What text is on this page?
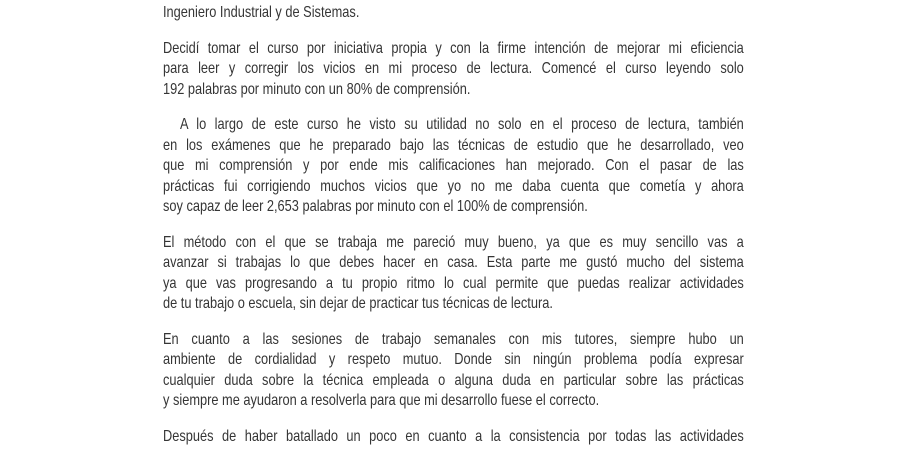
Ingeniero Industrial y de Sistemas.
Decidí tomar el curso por iniciativa propia y con la firme intención de mejorar mi eficiencia
para leer y corregir los vicios en mi proceso de lectura. Comencé el curso leyendo solo
192 palabras por minuto con un 80% de comprensión.
A lo largo de este curso he visto su utilidad no solo en el proceso de lectura, también
en los exámenes que he preparado bajo las técnicas de estudio que he desarrollado, veo
que mi comprensión y por ende mis calificaciones han mejorado. Con el pasar de las
prácticas fui corrigiendo muchos vicios que yo no me daba cuenta que cometía y ahora
soy capaz de leer 2,653 palabras por minuto con el 100% de comprensión.
El método con el que se trabaja me pareció muy bueno, ya que es muy sencillo vas a
avanzar si trabajas lo que debes hacer en casa. Esta parte me gustó mucho del sistema
ya que vas progresando a tu propio ritmo lo cual permite que puedas realizar actividades
de tu trabajo o escuela, sin dejar de practicar tus técnicas de lectura.
En cuanto a las sesiones de trabajo semanales con mis tutores, siempre hubo un
ambiente de cordialidad y respeto mutuo. Donde sin ningún problema podía expresar
cualquier duda sobre la técnica empleada o alguna duda en particular sobre las prácticas
y siempre me ayudaron a resolverla para que mi desarrollo fuese el correcto.
Después de haber batallado un poco en cuanto a la consistencia por todas las actividades
